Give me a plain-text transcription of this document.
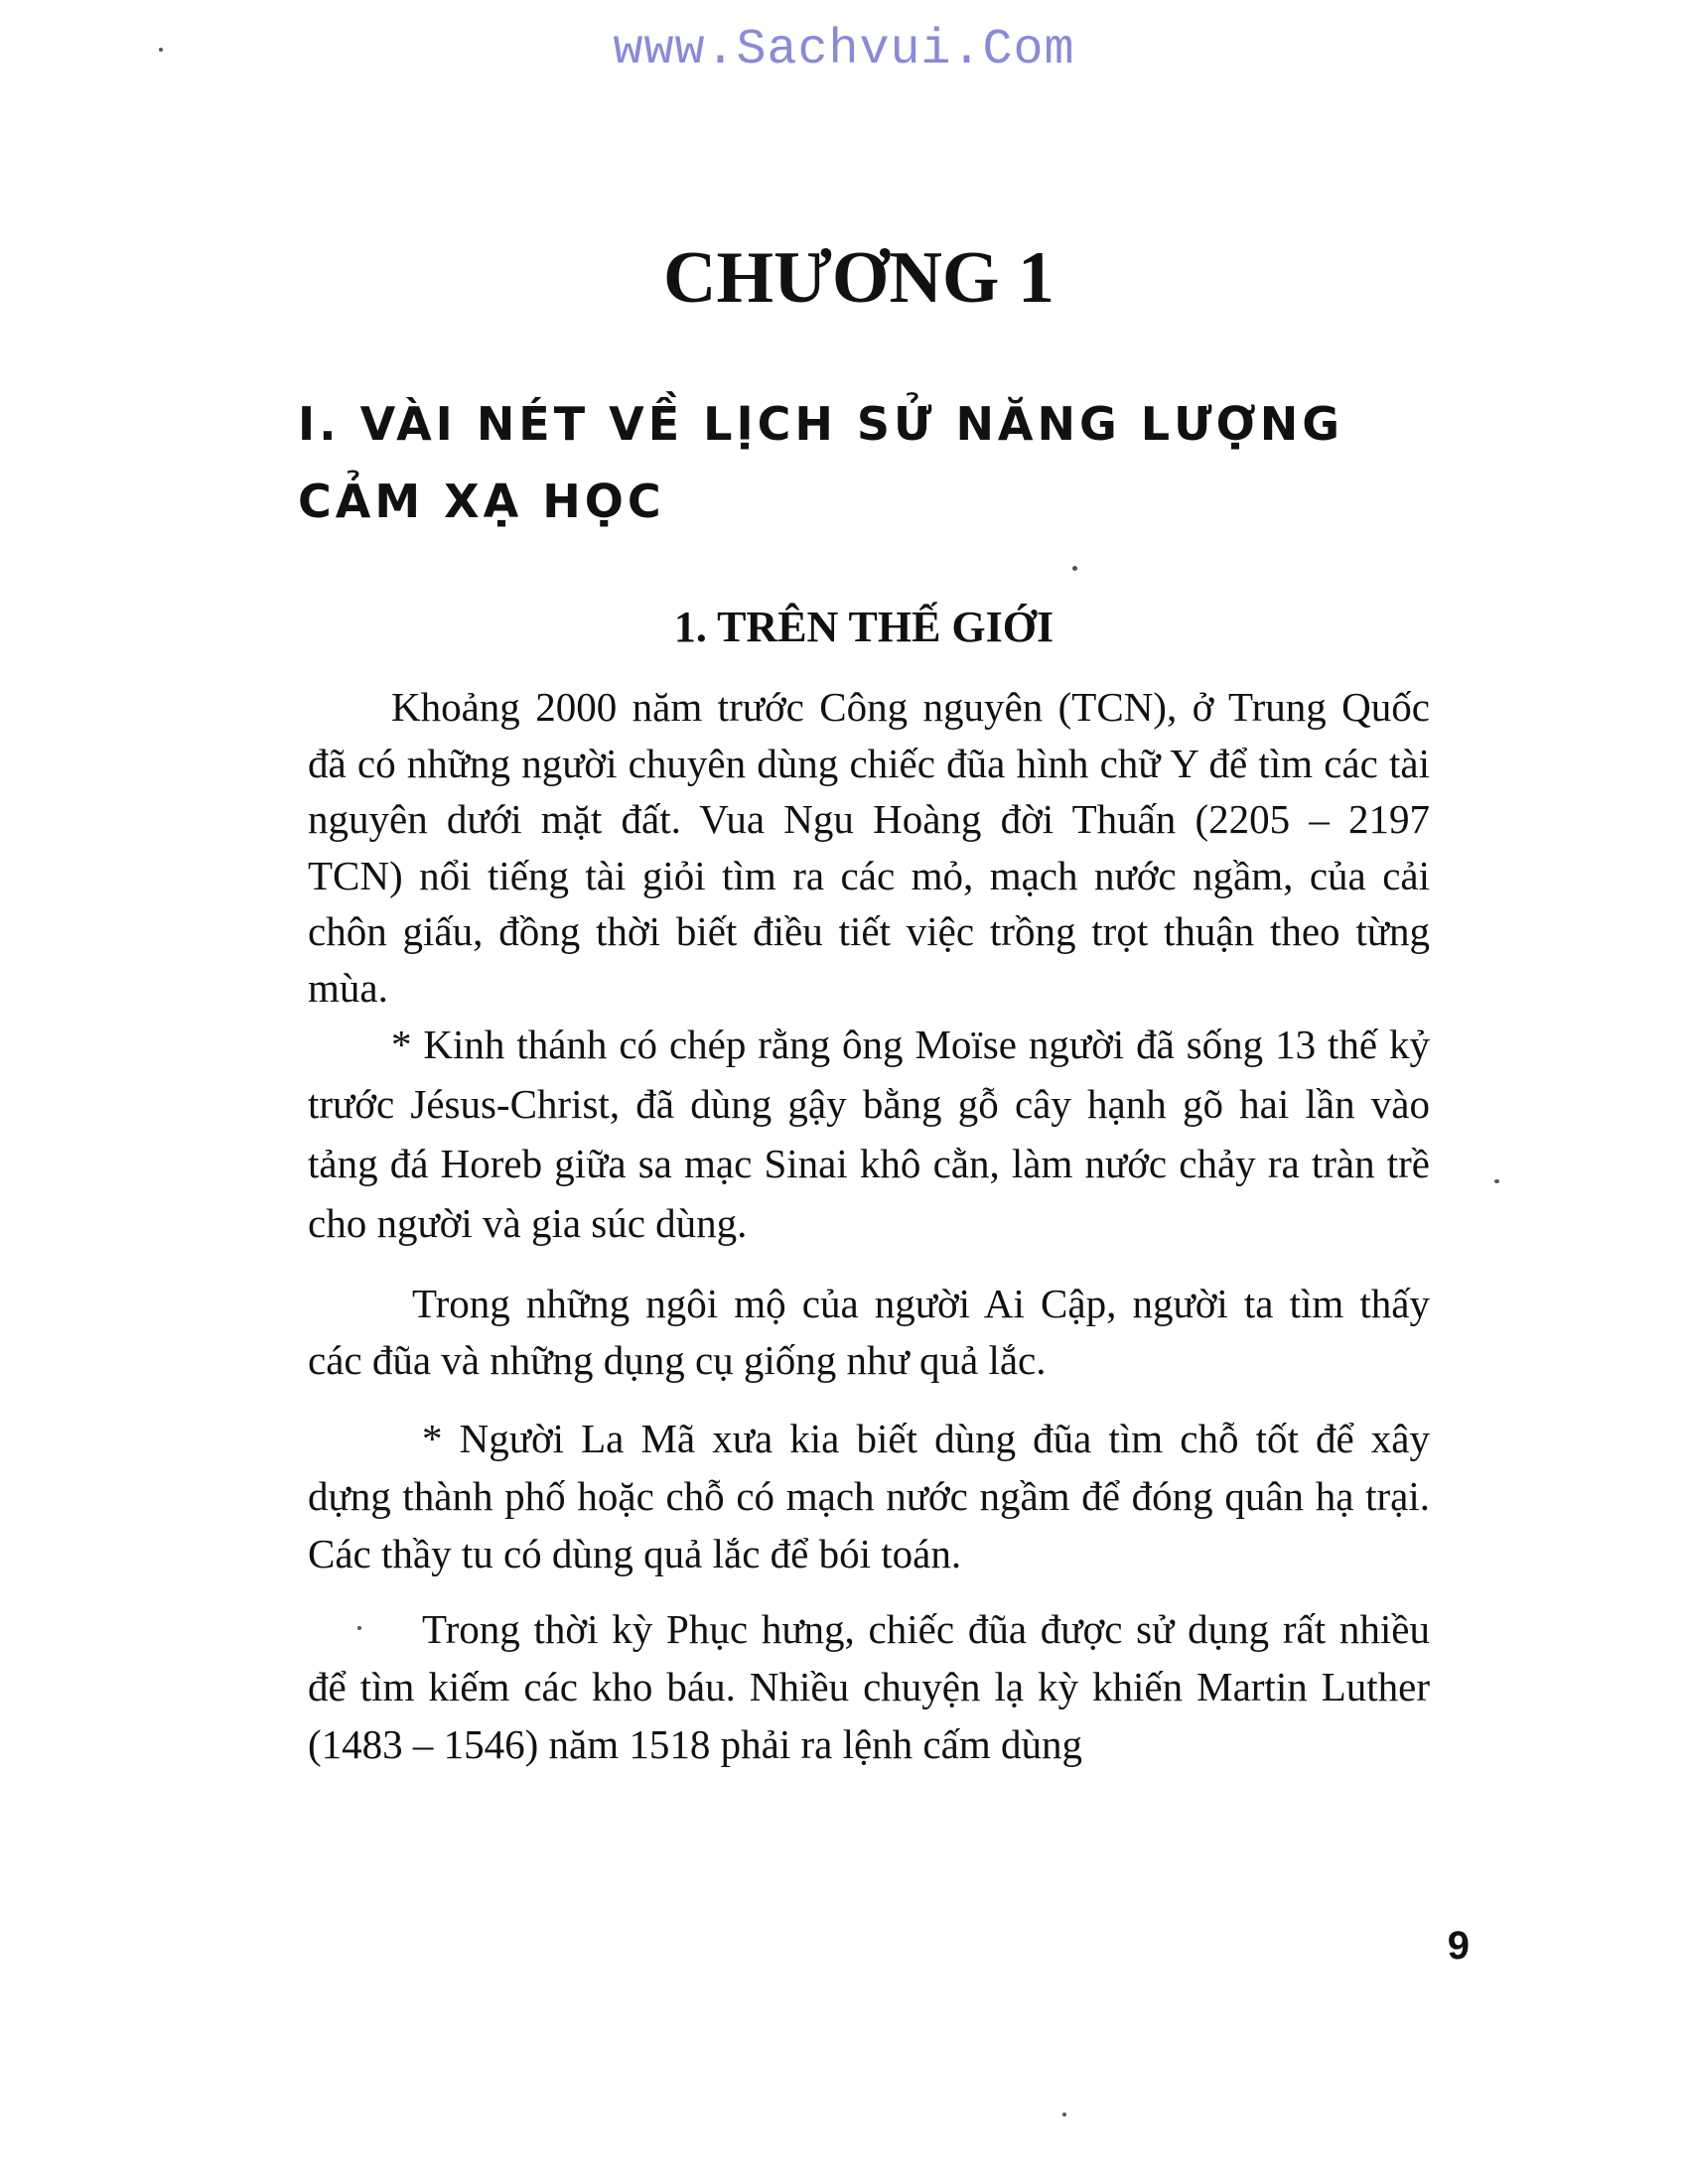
www.Sachvui.Com
CHƯƠNG 1
I. VÀI NÉT VỀ LỊCH SỬ NĂNG LƯỢNG CẢM XẠ HỌC
1. TRÊN THẾ GIỚI

Khoảng 2000 năm trước Công nguyên (TCN), ở Trung Quốc đã có những người chuyên dùng chiếc đũa hình chữ Y để tìm các tài nguyên dưới mặt đất. Vua Ngu Hoàng đời Thuấn (2205 – 2197 TCN) nổi tiếng tài giỏi tìm ra các mỏ, mạch nước ngầm, của cải chôn giấu, đồng thời biết điều tiết việc trồng trọt thuận theo từng mùa.

* Kinh thánh có chép rằng ông Moïse người đã sống 13 thế kỷ trước Jésus-Christ, đã dùng gậy bằng gỗ cây hạnh gõ hai lần vào tảng đá Horeb giữa sa mạc Sinai khô cằn, làm nước chảy ra tràn trề cho người và gia súc dùng.

Trong những ngôi mộ của người Ai Cập, người ta tìm thấy các đũa và những dụng cụ giống như quả lắc.

* Người La Mã xưa kia biết dùng đũa tìm chỗ tốt để xây dựng thành phố hoặc chỗ có mạch nước ngầm để đóng quân hạ trại. Các thầy tu có dùng quả lắc để bói toán.

Trong thời kỳ Phục hưng, chiếc đũa được sử dụng rất nhiều để tìm kiếm các kho báu. Nhiều chuyện lạ kỳ khiến Martin Luther (1483 – 1546) năm 1518 phải ra lệnh cấm dùng

9
